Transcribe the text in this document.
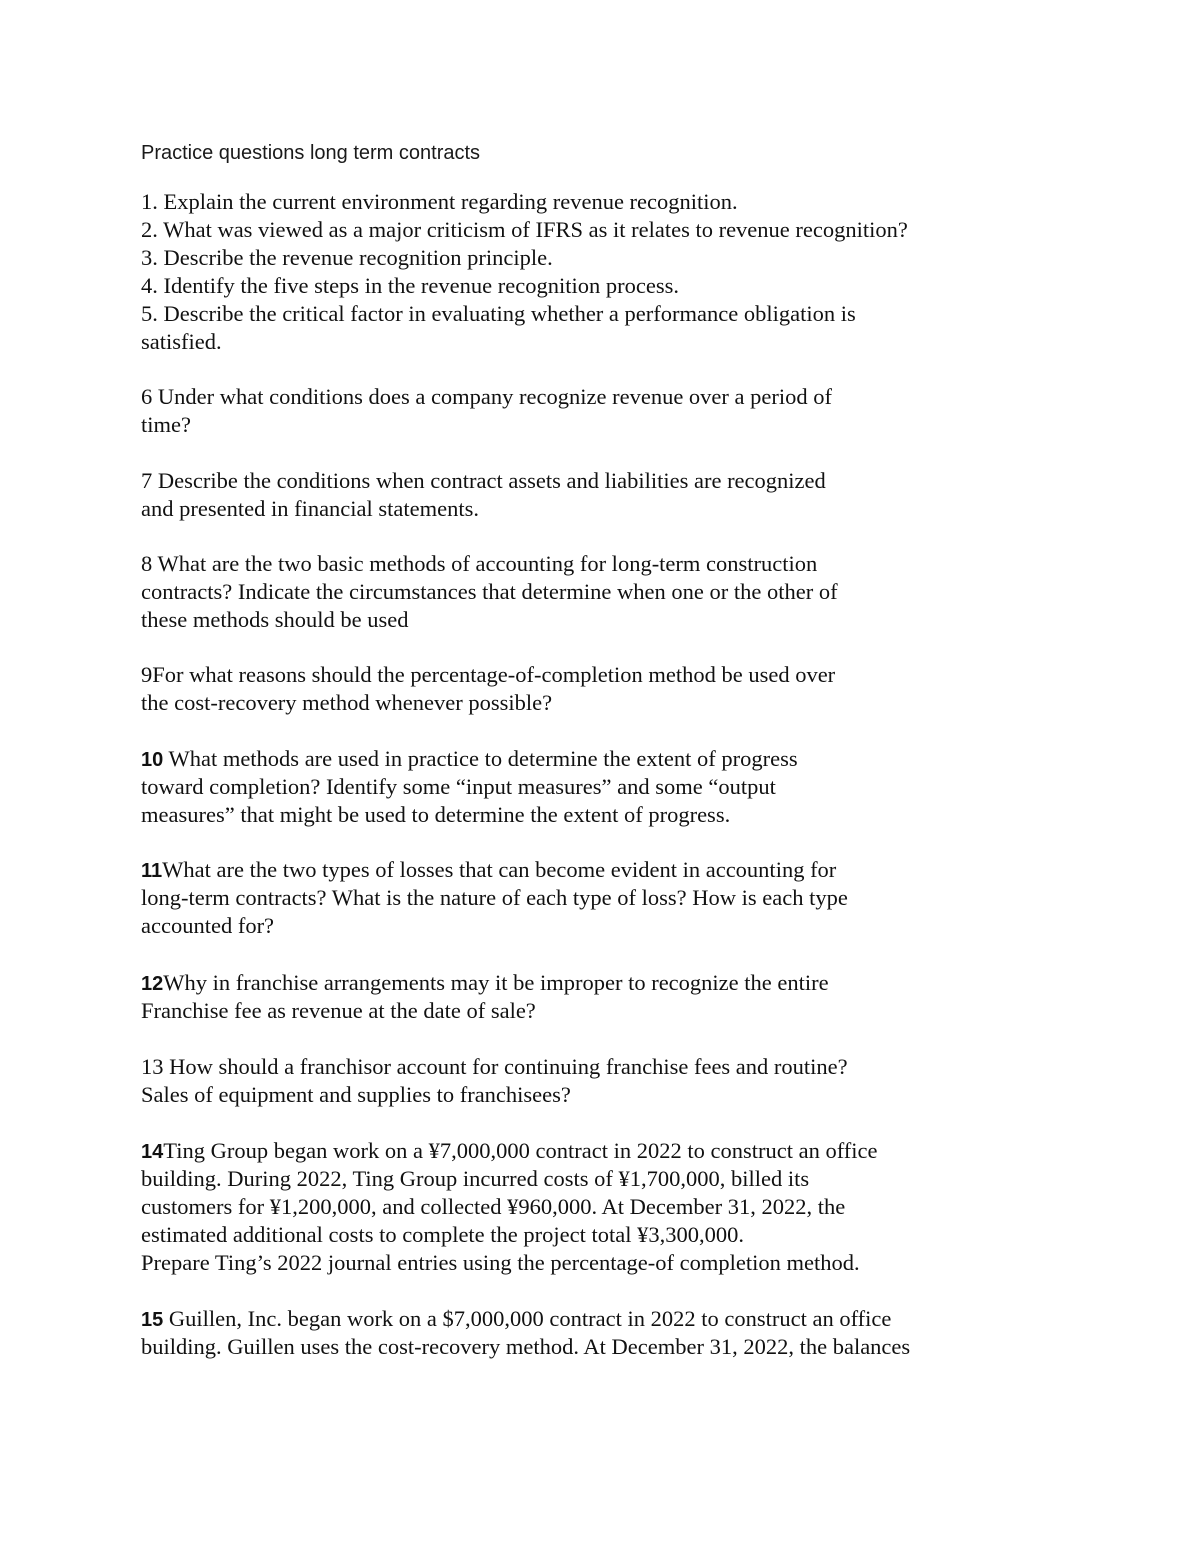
Practice questions long term contracts
1. Explain the current environment regarding revenue recognition.
2. What was viewed as a major criticism of IFRS as it relates to revenue recognition?
3. Describe the revenue recognition principle.
4. Identify the five steps in the revenue recognition process.
5. Describe the critical factor in evaluating whether a performance obligation is
satisfied.
6 Under what conditions does a company recognize revenue over a period of
time?
7 Describe the conditions when contract assets and liabilities are recognized
and presented in financial statements.
8 What are the two basic methods of accounting for long-term construction
contracts? Indicate the circumstances that determine when one or the other of
these methods should be used
9For what reasons should the percentage-of-completion method be used over
the cost-recovery method whenever possible?
10 What methods are used in practice to determine the extent of progress
toward completion? Identify some “input measures” and some “output
measures” that might be used to determine the extent of progress.
11What are the two types of losses that can become evident in accounting for
long-term contracts? What is the nature of each type of loss? How is each type
accounted for?
12Why in franchise arrangements may it be improper to recognize the entire
Franchise fee as revenue at the date of sale?
13 How should a franchisor account for continuing franchise fees and routine?
Sales of equipment and supplies to franchisees?
14Ting Group began work on a ¥7,000,000 contract in 2022 to construct an office
building. During 2022, Ting Group incurred costs of ¥1,700,000, billed its
customers for ¥1,200,000, and collected ¥960,000. At December 31, 2022, the
estimated additional costs to complete the project total ¥3,300,000.
Prepare Ting’s 2022 journal entries using the percentage-of completion method.
15 Guillen, Inc. began work on a $7,000,000 contract in 2022 to construct an office
building. Guillen uses the cost-recovery method. At December 31, 2022, the balances
